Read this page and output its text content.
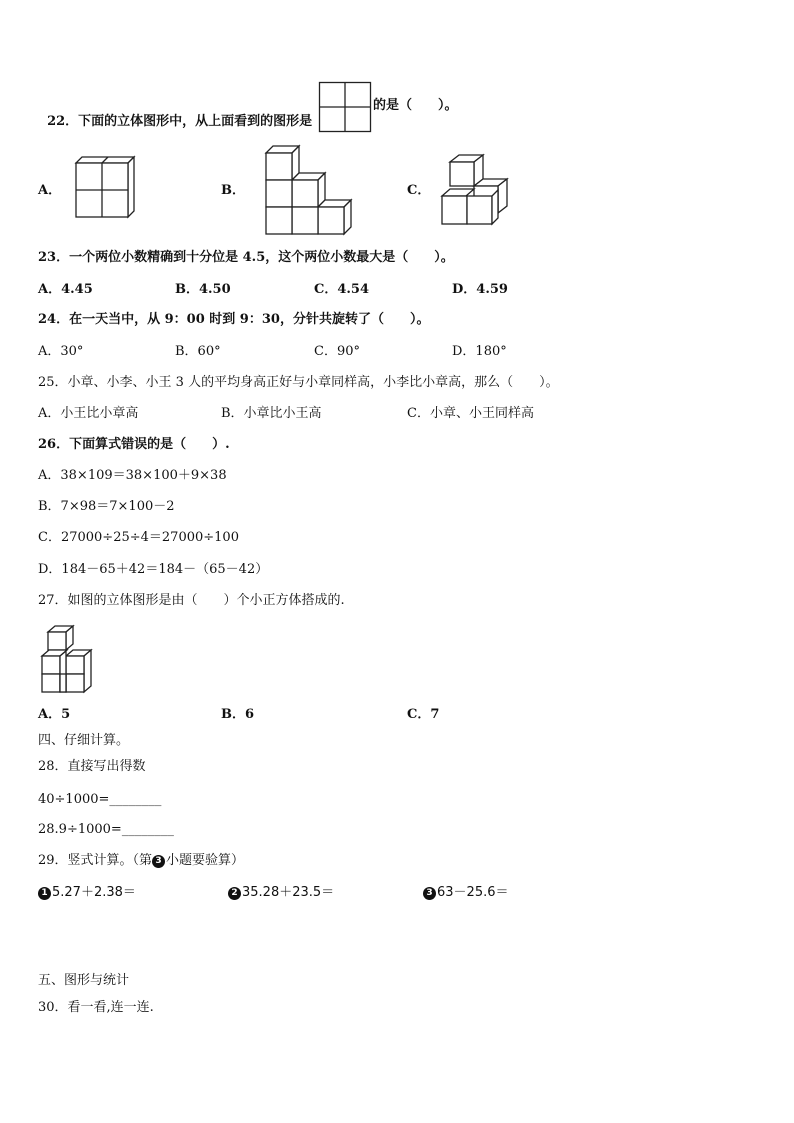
22．下面的立体图形中，从上面看到的图形是

的是（　　）。
A．	B．	C．
23．一个两位小数精确到十分位是 4.5，这个两位小数最大是（　　）。
A．4.45	B．4.50	C．4.54	D．4.59
24．在一天当中，从 9：00 时到 9：30，分针共旋转了（　　）。
A．30°	B．60°	C．90°	D．180°
25．小章、小李、小王 3 人的平均身高正好与小章同样高，小李比小章高，那么（　　）。
A．小王比小章高	B．小章比小王高	C．小章、小王同样高
26．下面算式错误的是（　　）.
A．38×109＝38×100＋9×38
B．7×98＝7×100－2
C．27000÷25÷4＝27000÷100
D．184－65＋42＝184－（65－42）
27．如图的立体图形是由（　　）个小正方体搭成的.
A．5	B．6	C．7
四、仔细计算。
28．直接写出得数
40÷1000=________
28.9÷1000=________
29．竖式计算。（第 3 小题要验算）
1 5.27＋2.38＝	2 35.28＋23.5＝	3 63－25.6＝
五、图形与统计
30．看一看,连一连.
